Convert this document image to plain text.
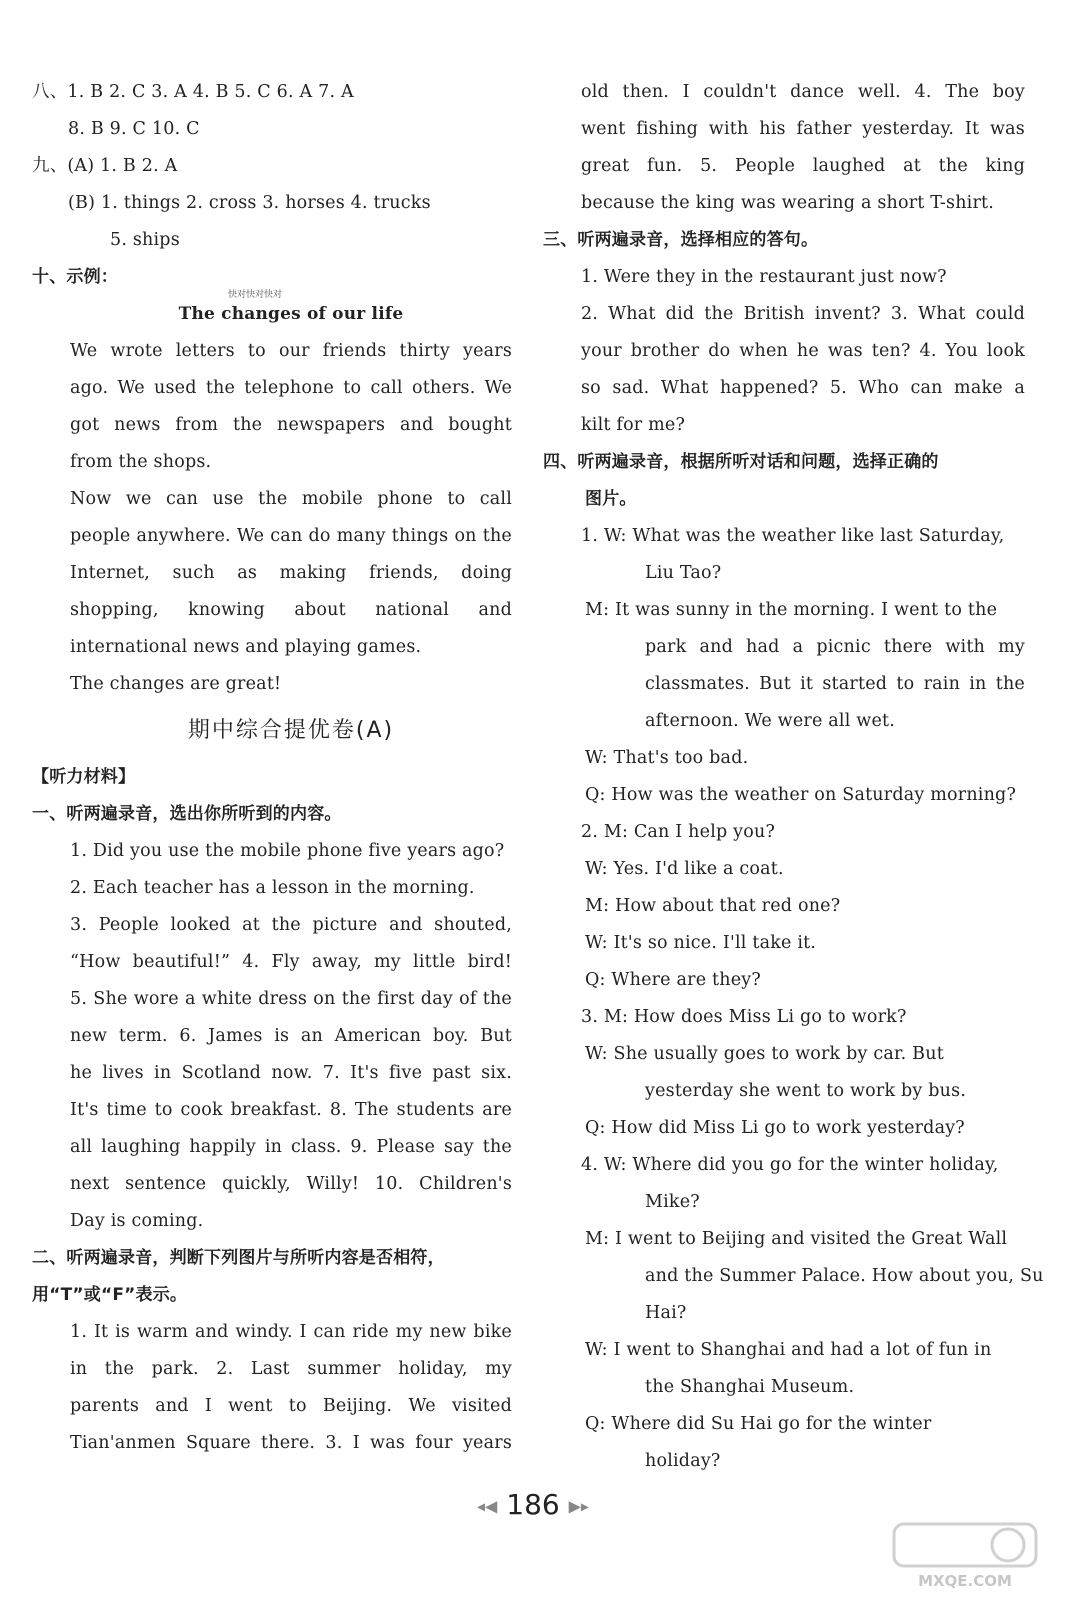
八、1. B 2. C 3. A 4. B 5. C 6. A 7. A
8. B 9. C 10. C
九、(A) 1. B 2. A
(B) 1. things 2. cross 3. horses 4. trucks
5. ships
十、示例：
The changes of our life
We wrote letters to our friends thirty years
ago. We used the telephone to call others. We
got news from the newspapers and bought
from the shops.
Now we can use the mobile phone to call
people anywhere. We can do many things on the
Internet, such as making friends, doing
shopping, knowing about national and
international news and playing games.
The changes are great!
期中综合提优卷(A)
【听力材料】
一、听两遍录音，选出你所听到的内容。
1. Did you use the mobile phone five years ago?
2. Each teacher has a lesson in the morning.
3. People looked at the picture and shouted,
“How beautiful!” 4. Fly away, my little bird!
5. She wore a white dress on the first day of the
new term. 6. James is an American boy. But
he lives in Scotland now. 7. It's five past six.
It's time to cook breakfast. 8. The students are
all laughing happily in class. 9. Please say the
next sentence quickly, Willy! 10. Children's
Day is coming.
二、听两遍录音，判断下列图片与所听内容是否相符，
用“T”或“F”表示。
1. It is warm and windy. I can ride my new bike
in the park. 2. Last summer holiday, my
parents and I went to Beijing. We visited
Tian'anmen Square there. 3. I was four years
old then. I couldn't dance well. 4. The boy
went fishing with his father yesterday. It was
great fun. 5. People laughed at the king
because the king was wearing a short T-shirt.
三、听两遍录音，选择相应的答句。
1. Were they in the restaurant just now?
2. What did the British invent? 3. What could
your brother do when he was ten? 4. You look
so sad. What happened? 5. Who can make a
kilt for me?
四、听两遍录音，根据所听对话和问题，选择正确的
图片。
1. W: What was the weather like last Saturday,
Liu Tao?
M: It was sunny in the morning. I went to the
park and had a picnic there with my
classmates. But it started to rain in the
afternoon. We were all wet.
W: That's too bad.
Q: How was the weather on Saturday morning?
2. M: Can I help you?
W: Yes. I'd like a coat.
M: How about that red one?
W: It's so nice. I'll take it.
Q: Where are they?
3. M: How does Miss Li go to work?
W: She usually goes to work by car. But
yesterday she went to work by bus.
Q: How did Miss Li go to work yesterday?
4. W: Where did you go for the winter holiday,
Mike?
M: I went to Beijing and visited the Great Wall
and the Summer Palace. How about you, Su
Hai?
W: I went to Shanghai and had a lot of fun in
the Shanghai Museum.
Q: Where did Su Hai go for the winter
holiday?
快对快对快对
◂◀ 186 ▶▸
MXQE.COM
